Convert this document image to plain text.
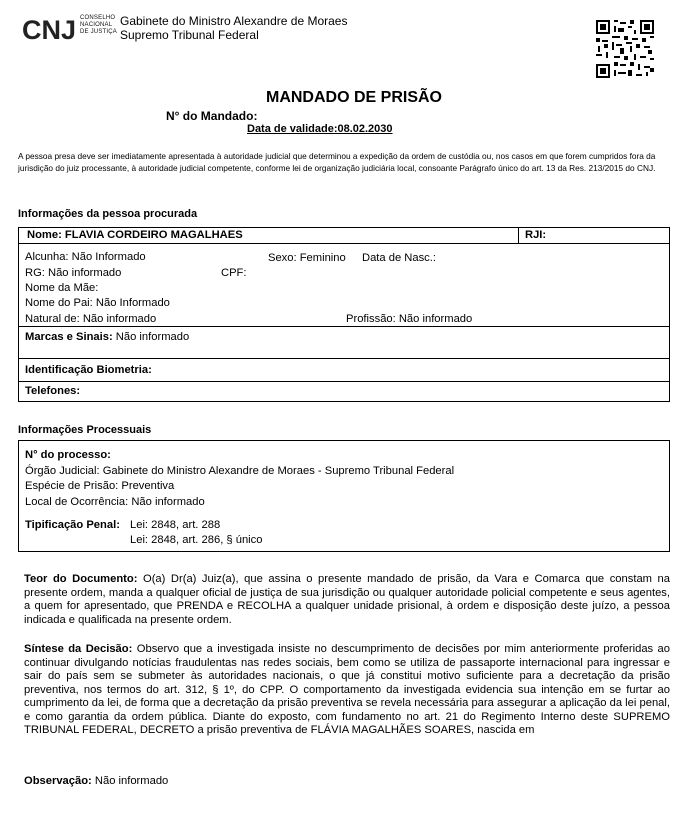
CNJ CONSELHO
NACIONAL
DE JUSTIÇA
Gabinete do Ministro Alexandre de Moraes
Supremo Tribunal Federal
MANDADO DE PRISÃO
N° do Mandado:
Data de validade:08.02.2030
A pessoa presa deve ser imediatamente apresentada à autoridade judicial que determinou a expedição da ordem de custódia ou, nos casos em que forem cumpridos fora da jurisdição do juiz processante, à autoridade judicial competente, conforme lei de organização judiciária local, consoante Parágrafo único do art. 13 da Res. 213/2015 do CNJ.
Informações da pessoa procurada
Nome: FLAVIA CORDEIRO MAGALHAES	RJI:
Alcunha: Não Informado	Sexo: Feminino Data de Nasc.:
RG: Não informado	CPF:
Nome da Mãe:
Nome do Pai: Não Informado
Natural de: Não informado	Profissão: Não informado
Marcas e Sinais: Não informado
Identificação Biometria:
Telefones:
Informações Processuais
N° do processo:
Órgão Judicial: Gabinete do Ministro Alexandre de Moraes - Supremo Tribunal Federal
Espécie de Prisão: Preventiva
Local de Ocorrência: Não informado
Tipificação Penal: Lei: 2848, art. 288
Lei: 2848, art. 286, § único
Teor do Documento: O(a) Dr(a) Juiz(a), que assina o presente mandado de prisão, da Vara e Comarca que constam na presente ordem, manda a qualquer oficial de justiça de sua jurisdição ou qualquer autoridade policial competente e seus agentes, a quem for apresentado, que PRENDA e RECOLHA a qualquer unidade prisional, à ordem e disposição deste juízo, a pessoa indicada e qualificada na presente ordem.
Síntese da Decisão: Observo que a investigada insiste no descumprimento de decisões por mim anteriormente proferidas ao continuar divulgando notícias fraudulentas nas redes sociais, bem como se utiliza de passaporte internacional para ingressar e sair do país sem se submeter às autoridades nacionais, o que já constitui motivo suficiente para a decretação da prisão preventiva, nos termos do art. 312, § 1º, do CPP. O comportamento da investigada evidencia sua intenção em se furtar ao cumprimento da lei, de forma que a decretação da prisão preventiva se revela necessária para assegurar a aplicação da lei penal, e como garantia da ordem pública. Diante do exposto, com fundamento no art. 21 do Regimento Interno deste SUPREMO TRIBUNAL FEDERAL, DECRETO a prisão preventiva de FLÁVIA MAGALHÃES SOARES, nascida em
Observação: Não informado
